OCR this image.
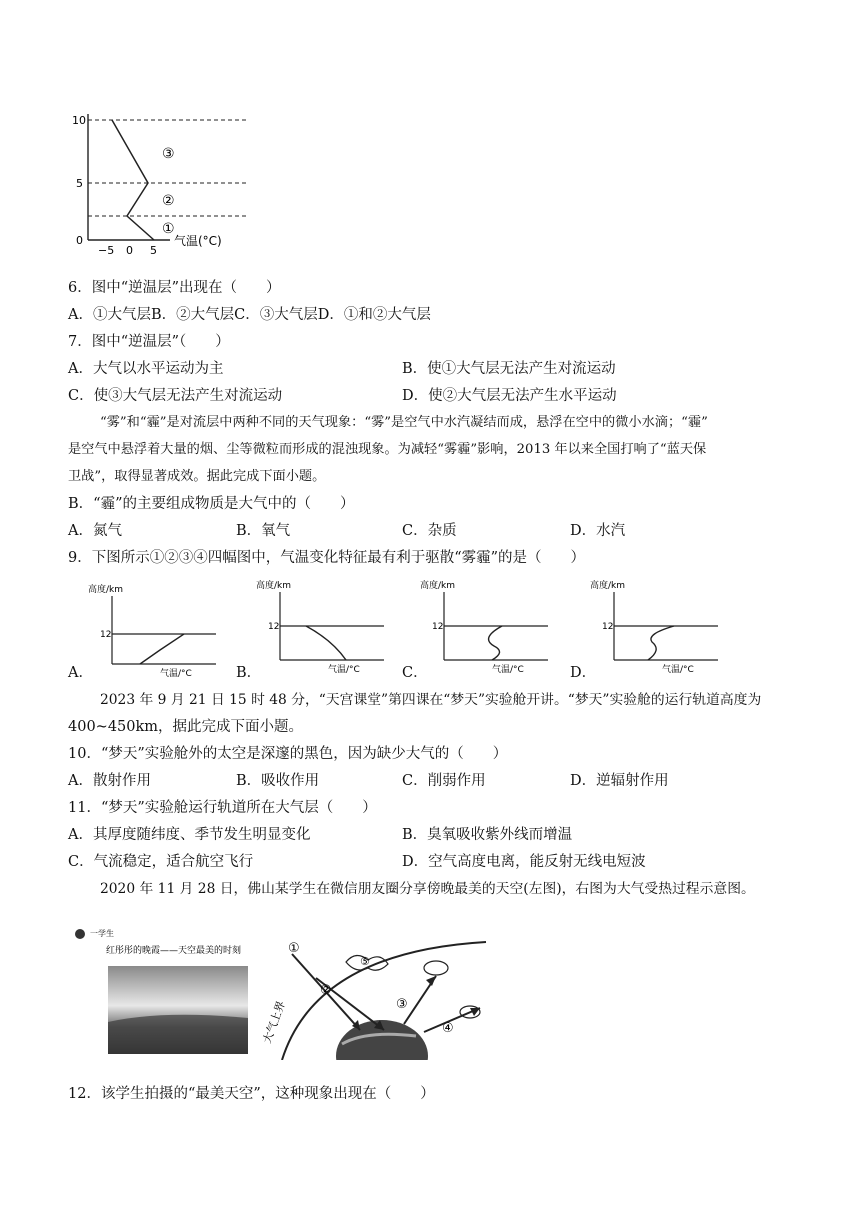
10
5
0
−5 0 5
气温(°C)
①
②
③
6．图中“逆温层”出现在（　　）
A．①大气层B．②大气层C．③大气层D．①和②大气层
7．图中“逆温层”（　　）
A．大气以水平运动为主	B．使①大气层无法产生对流运动
C．使③大气层无法产生对流运动	D．使②大气层无法产生水平运动
“雾”和“霾”是对流层中两种不同的天气现象：“雾”是空气中水汽凝结而成，悬浮在空中的微小水滴；“霾”
是空气中悬浮着大量的烟、尘等微粒而形成的混浊现象。为减轻“雾霾”影响，2013 年以来全国打响了“蓝天保
卫战”，取得显著成效。据此完成下面小题。
B．“霾”的主要组成物质是大气中的（　　）
A．氮气	B．氧气	C．杂质	D．水汽
9．下图所示①②③④四幅图中，气温变化特征最有利于驱散“雾霾”的是（　　）
A．
高度/km
12
气温/°C	B．
高度/km
12
气温/°C	C．
高度/km
12
气温/°C	D．
高度/km
12
气温/°C
2023 年 9 月 21 日 15 时 48 分，“天宫课堂”第四课在“梦天”实验舱开讲。“梦天”实验舱的运行轨道高度为
400~450km，据此完成下面小题。
10．“梦天”实验舱外的太空是深邃的黑色，因为缺少大气的（　　）
A．散射作用	B．吸收作用	C．削弱作用	D．逆辐射作用
11．“梦天”实验舱运行轨道所在大气层（　　）
A．其厚度随纬度、季节发生明显变化	B．臭氧吸收紫外线而增温
C．气流稳定，适合航空飞行	D．空气高度电离，能反射无线电短波
2020 年 11 月 28 日，佛山某学生在微信朋友圈分享傍晚最美的天空(左图)，右图为大气受热过程示意图。
一学生
红彤彤的晚霞——天空最美的时刻	①
②
③
④
⑤
大气上界
12．该学生拍摄的“最美天空”，这种现象出现在（　　）
